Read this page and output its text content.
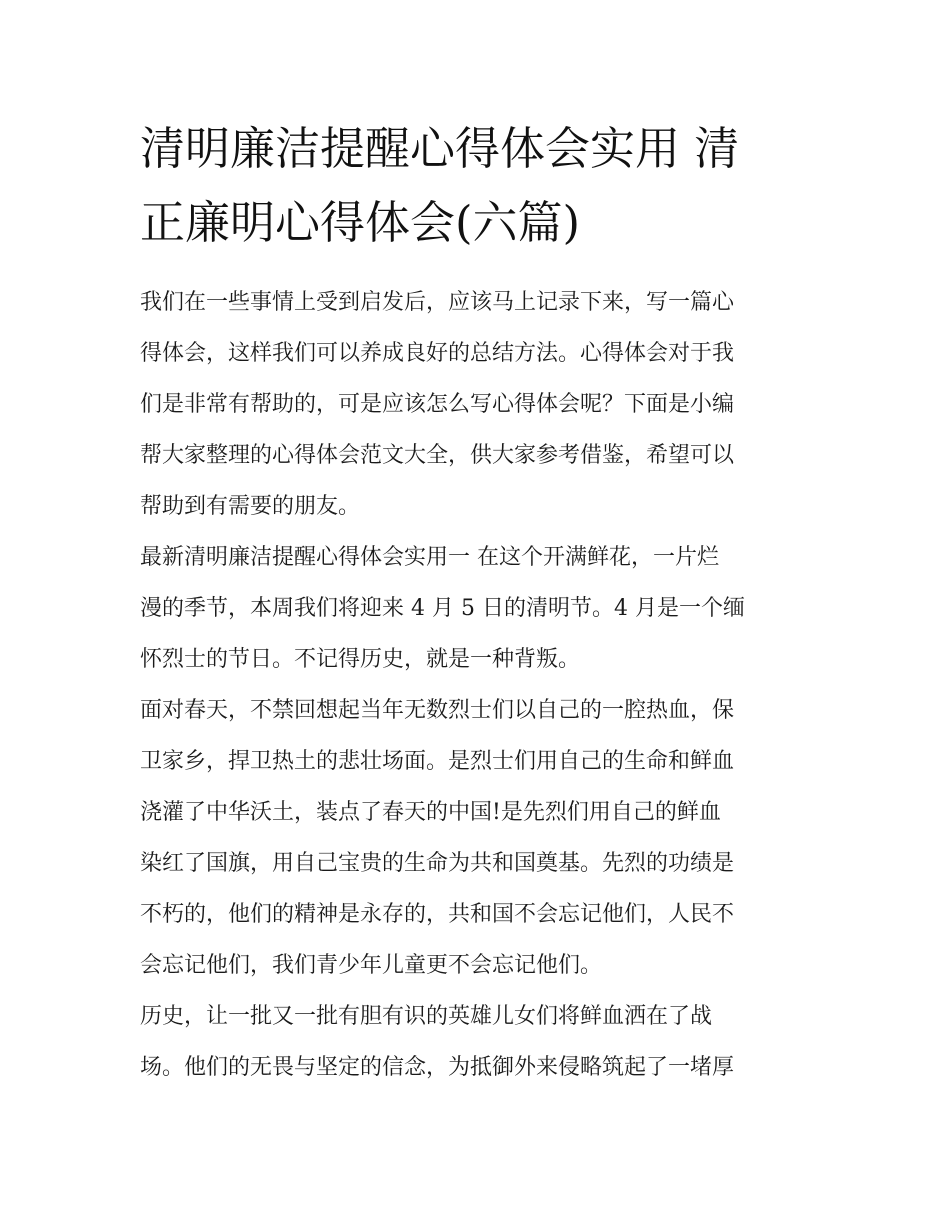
清明廉洁提醒心得体会实用 清
正廉明心得体会(六篇)
我们在一些事情上受到启发后，应该马上记录下来，写一篇心
得体会，这样我们可以养成良好的总结方法。心得体会对于我
们是非常有帮助的，可是应该怎么写心得体会呢？下面是小编
帮大家整理的心得体会范文大全，供大家参考借鉴，希望可以
帮助到有需要的朋友。
最新清明廉洁提醒心得体会实用一 在这个开满鲜花，一片烂
漫的季节，本周我们将迎来 4 月 5 日的清明节。4 月是一个缅
怀烈士的节日。不记得历史，就是一种背叛。
面对春天，不禁回想起当年无数烈士们以自己的一腔热血，保
卫家乡，捍卫热土的悲壮场面。是烈士们用自己的生命和鲜血
浇灌了中华沃土，装点了春天的中国!是先烈们用自己的鲜血
染红了国旗，用自己宝贵的生命为共和国奠基。先烈的功绩是
不朽的，他们的精神是永存的，共和国不会忘记他们，人民不
会忘记他们，我们青少年儿童更不会忘记他们。
历史，让一批又一批有胆有识的英雄儿女们将鲜血洒在了战
场。他们的无畏与坚定的信念，为抵御外来侵略筑起了一堵厚
